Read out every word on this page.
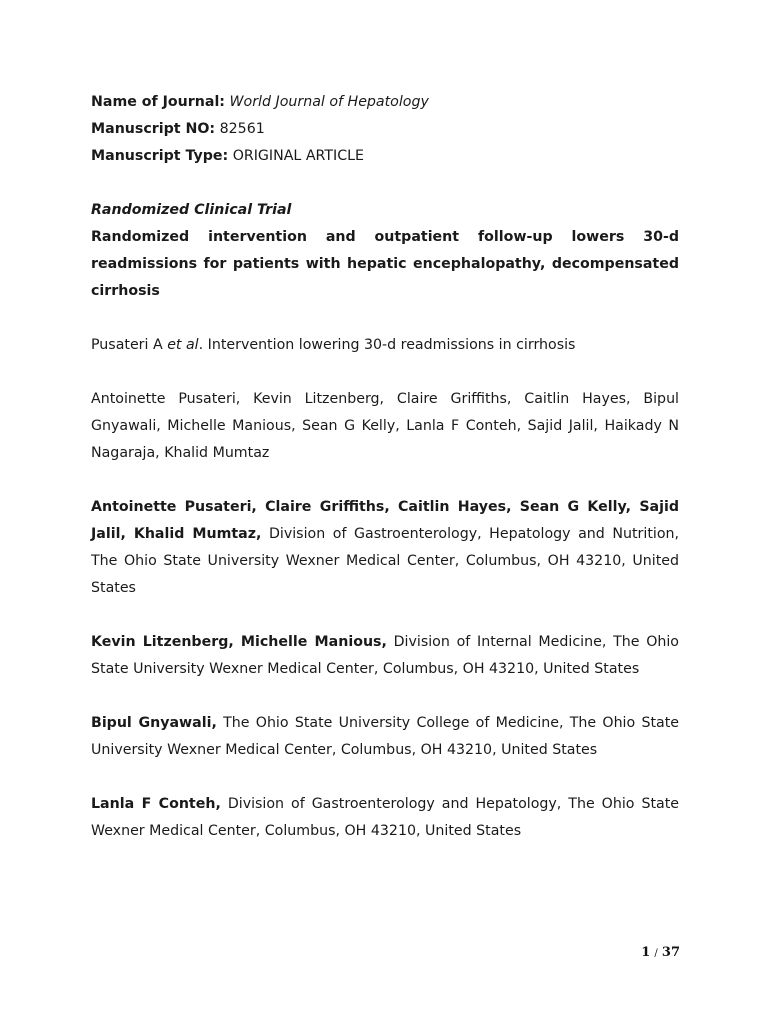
Name of Journal: World Journal of Hepatology

Manuscript NO: 82561

Manuscript Type: ORIGINAL ARTICLE

Randomized Clinical Trial

Randomized intervention and outpatient follow-up lowers 30-d readmissions for patients with hepatic encephalopathy, decompensated cirrhosis

Pusateri A et al. Intervention lowering 30-d readmissions in cirrhosis

Antoinette Pusateri, Kevin Litzenberg, Claire Griffiths, Caitlin Hayes, Bipul Gnyawali, Michelle Manious, Sean G Kelly, Lanla F Conteh, Sajid Jalil, Haikady N Nagaraja, Khalid Mumtaz

Antoinette Pusateri, Claire Griffiths, Caitlin Hayes, Sean G Kelly, Sajid Jalil, Khalid Mumtaz, Division of Gastroenterology, Hepatology and Nutrition, The Ohio State University Wexner Medical Center, Columbus, OH 43210, United States

Kevin Litzenberg, Michelle Manious, Division of Internal Medicine, The Ohio State University Wexner Medical Center, Columbus, OH 43210, United States

Bipul Gnyawali, The Ohio State University College of Medicine, The Ohio State University Wexner Medical Center, Columbus, OH 43210, United States

Lanla F Conteh, Division of Gastroenterology and Hepatology, The Ohio State Wexner Medical Center, Columbus, OH 43210, United States

1 / 37
